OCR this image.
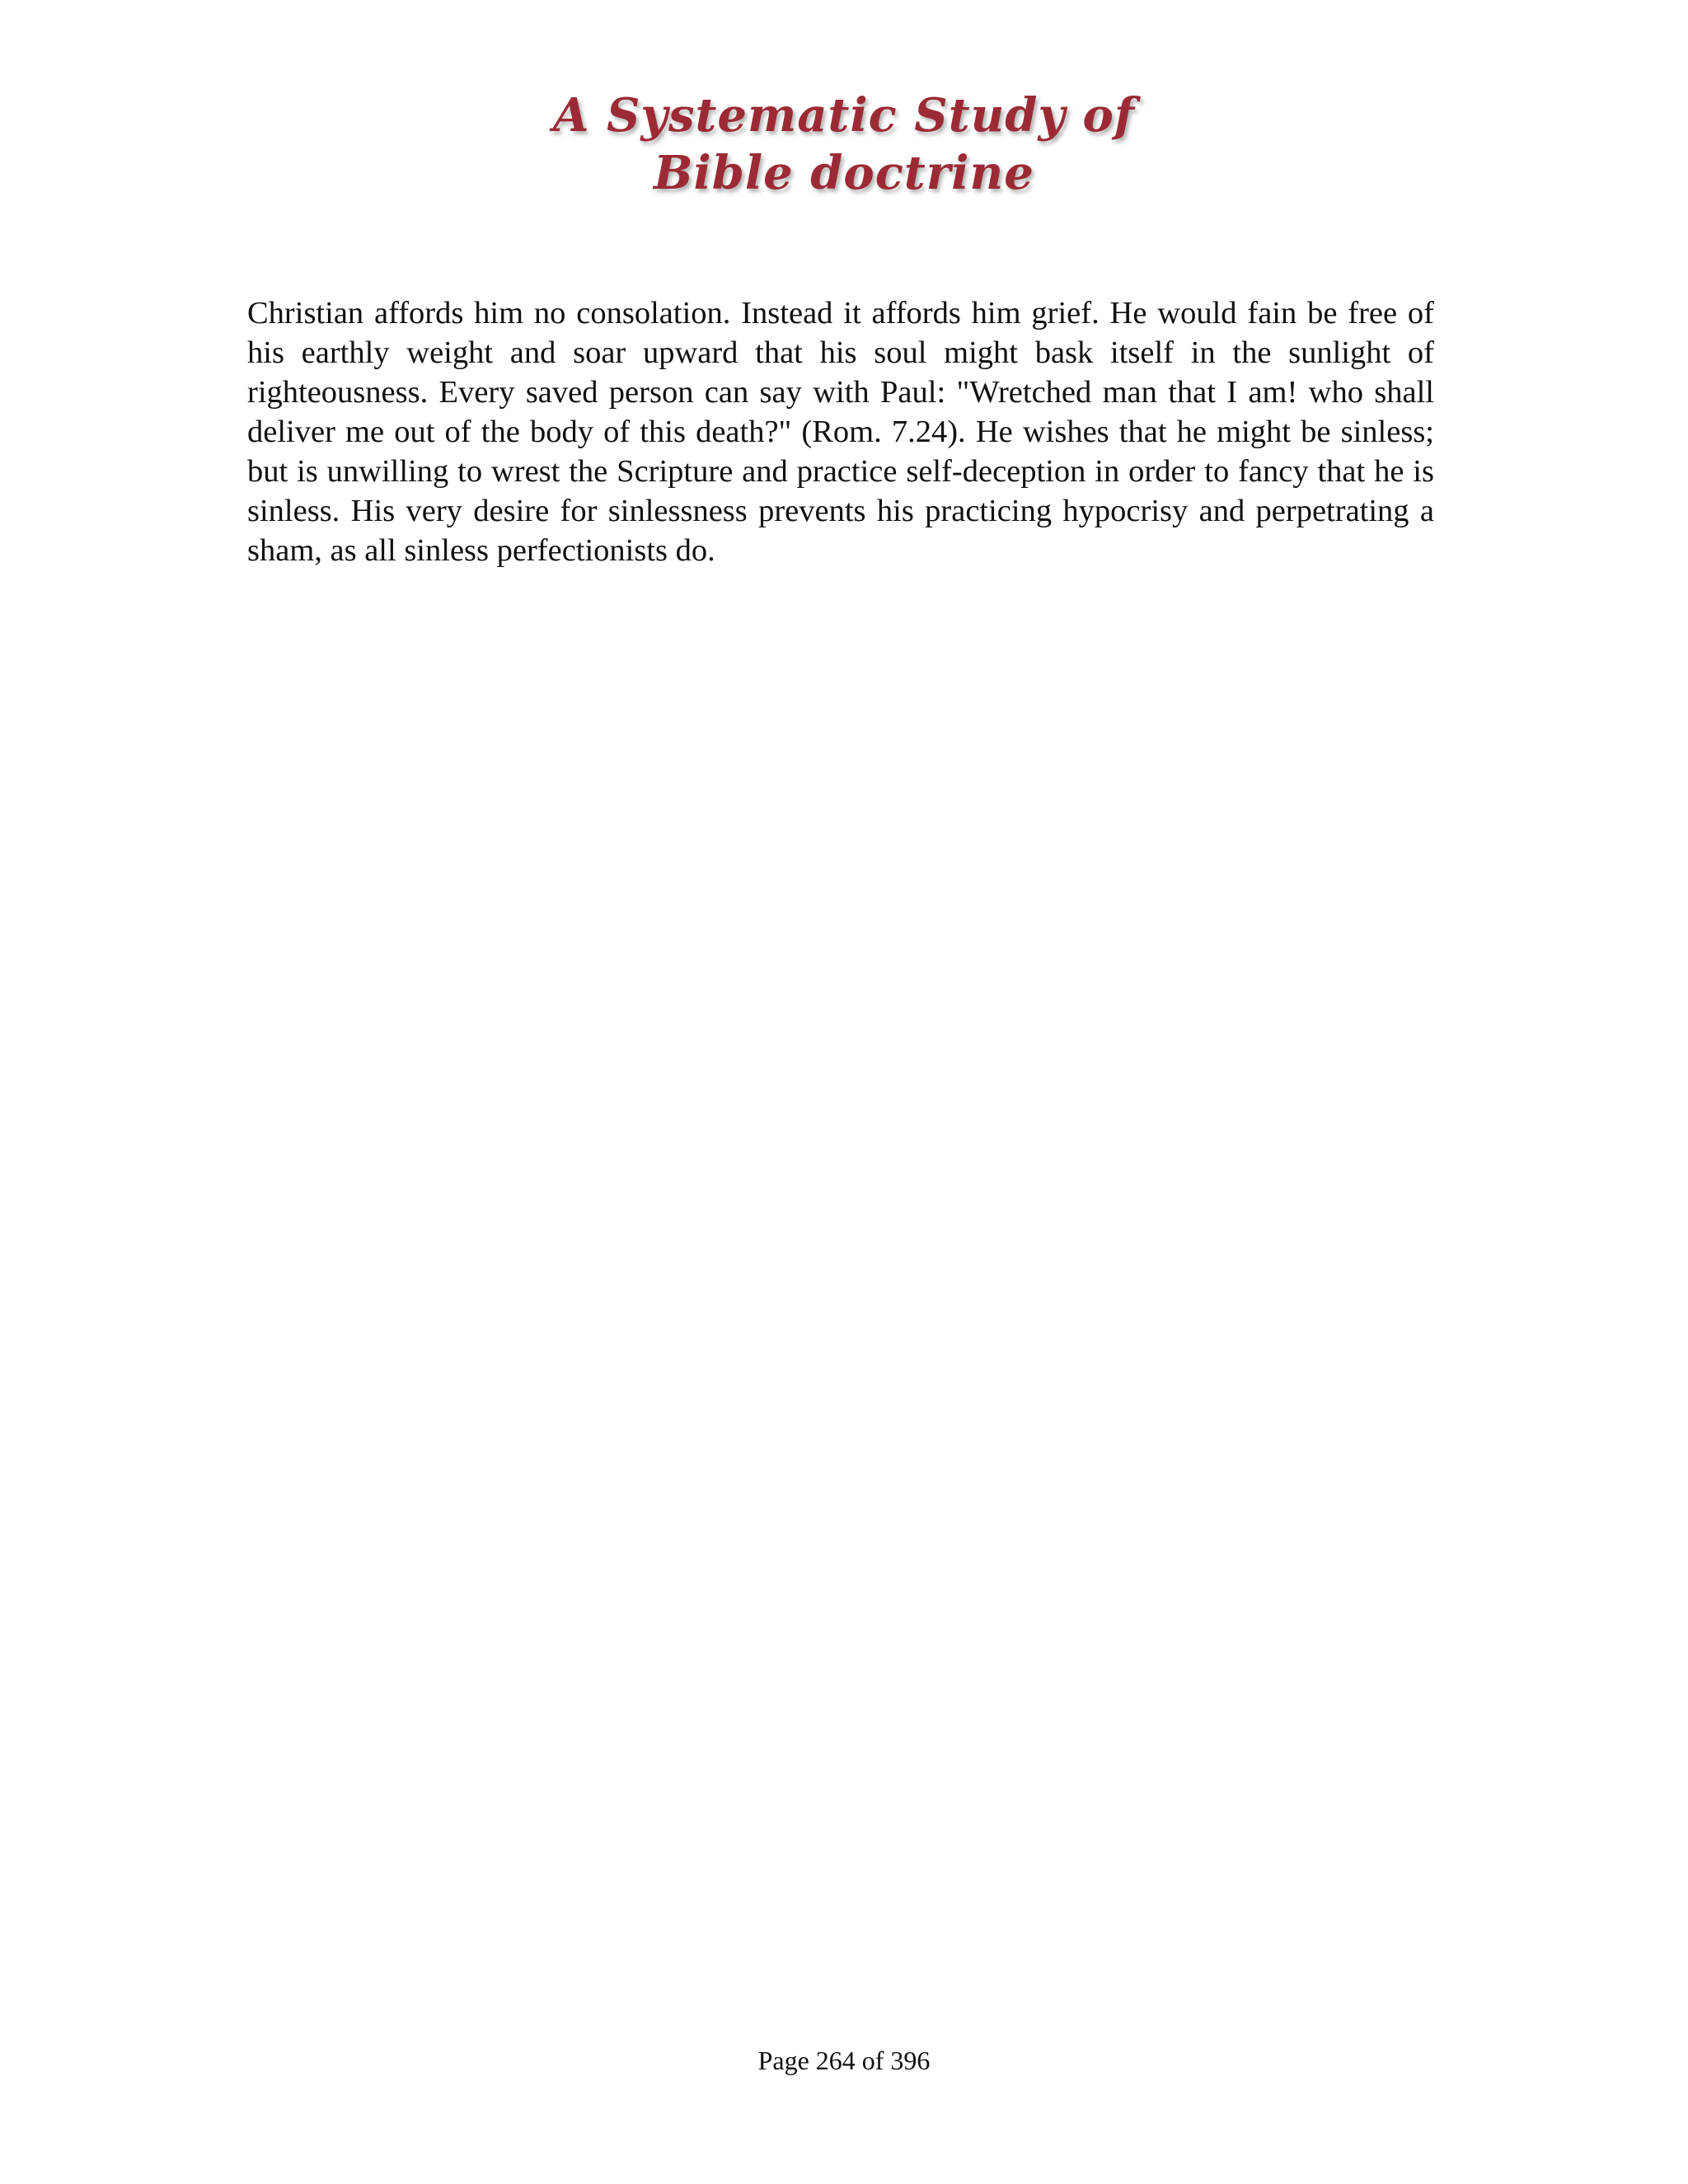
A Systematic Study of
Bible doctrine

Christian affords him no consolation. Instead it affords him grief. He would fain be free of his earthly weight and soar upward that his soul might bask itself in the sunlight of righteousness. Every saved person can say with Paul: "Wretched man that I am! who shall deliver me out of the body of this death?" (Rom. 7.24). He wishes that he might be sinless; but is unwilling to wrest the Scripture and practice self-deception in order to fancy that he is sinless. His very desire for sinlessness prevents his practicing hypocrisy and perpetrating a sham, as all sinless perfectionists do.

Page 264 of 396
